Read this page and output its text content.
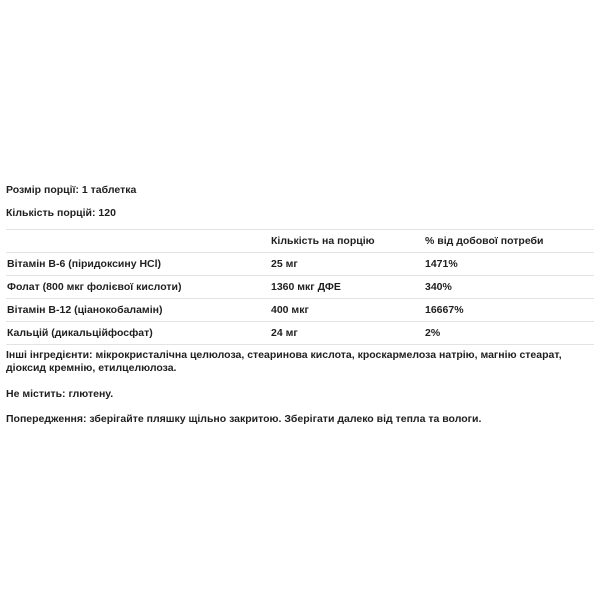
Розмір порції: 1 таблетка

Кількість порцій: 120

	Кількість на порцію	% від добової потреби
Вітамін B-6 (піридоксину HCl)	25 мг	1471%
Фолат (800 мкг фолієвої кислоти)	1360 мкг ДФЕ	340%
Вітамін B-12 (ціанокобаламін)	400 мкг	16667%
Кальцій (дикальційфосфат)	24 мг	2%

Інші інгредієнти: мікрокристалічна целюлоза, стеаринова кислота, кроскармелоза натрію, магнію стеарат, діоксид кремнію, етилцелюлоза.

Не містить: глютену.

Попередження: зберігайте пляшку щільно закритою. Зберігати далеко від тепла та вологи.
